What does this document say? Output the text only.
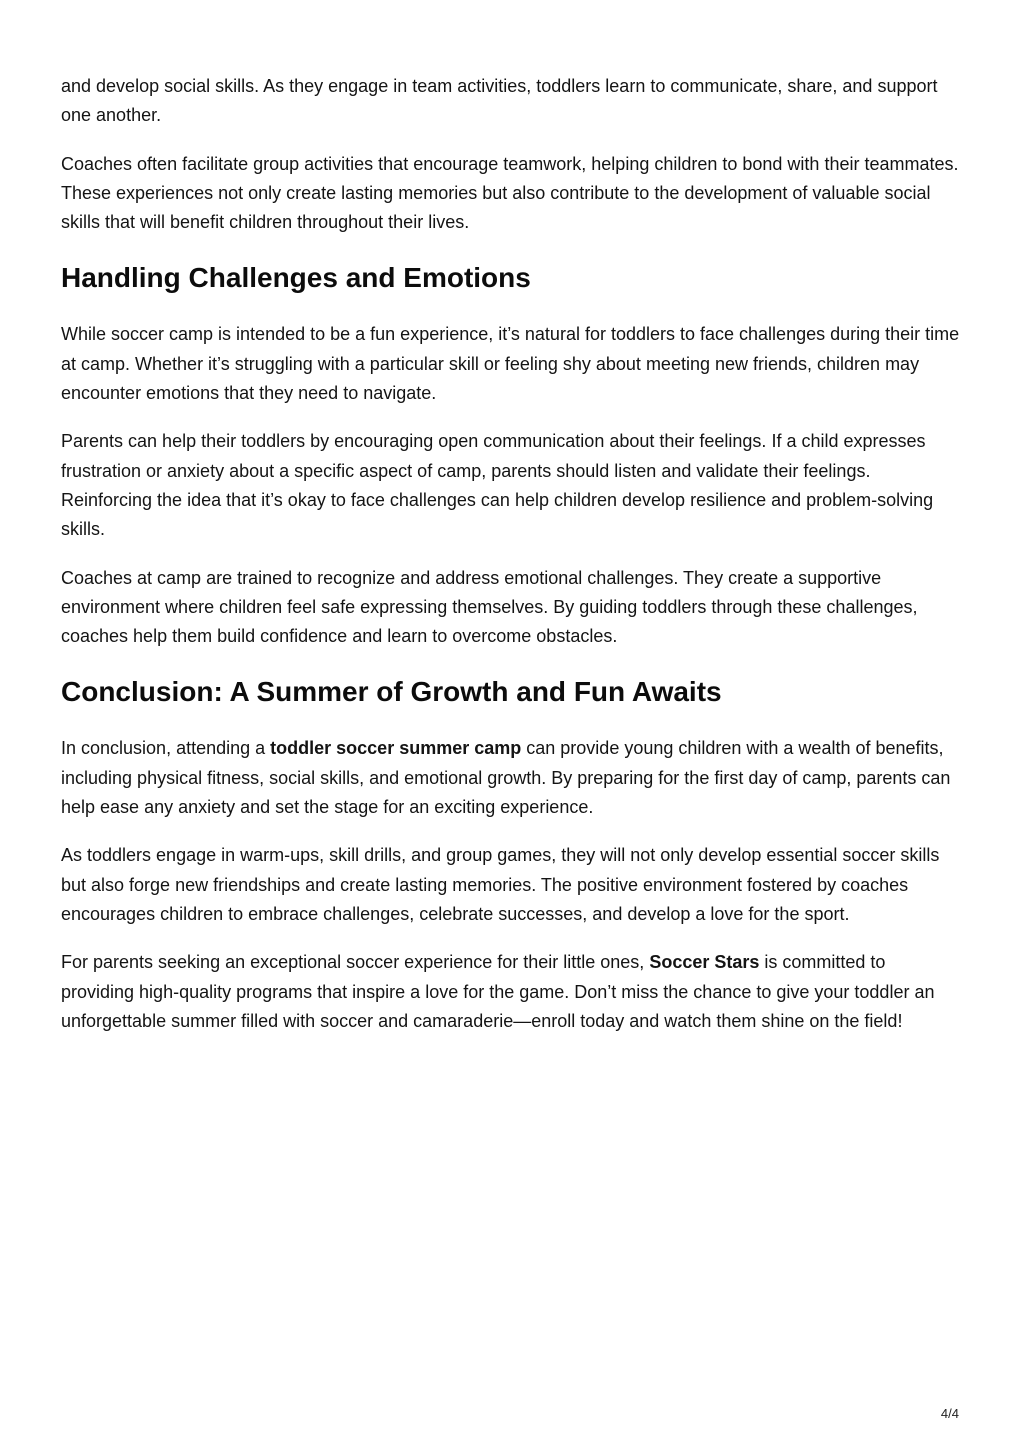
and develop social skills. As they engage in team activities, toddlers learn to communicate, share, and support one another.

Coaches often facilitate group activities that encourage teamwork, helping children to bond with their teammates. These experiences not only create lasting memories but also contribute to the development of valuable social skills that will benefit children throughout their lives.

Handling Challenges and Emotions

While soccer camp is intended to be a fun experience, it’s natural for toddlers to face challenges during their time at camp. Whether it’s struggling with a particular skill or feeling shy about meeting new friends, children may encounter emotions that they need to navigate.

Parents can help their toddlers by encouraging open communication about their feelings. If a child expresses frustration or anxiety about a specific aspect of camp, parents should listen and validate their feelings. Reinforcing the idea that it’s okay to face challenges can help children develop resilience and problem-solving skills.

Coaches at camp are trained to recognize and address emotional challenges. They create a supportive environment where children feel safe expressing themselves. By guiding toddlers through these challenges, coaches help them build confidence and learn to overcome obstacles.

Conclusion: A Summer of Growth and Fun Awaits

In conclusion, attending a toddler soccer summer camp can provide young children with a wealth of benefits, including physical fitness, social skills, and emotional growth. By preparing for the first day of camp, parents can help ease any anxiety and set the stage for an exciting experience.

As toddlers engage in warm-ups, skill drills, and group games, they will not only develop essential soccer skills but also forge new friendships and create lasting memories. The positive environment fostered by coaches encourages children to embrace challenges, celebrate successes, and develop a love for the sport.

For parents seeking an exceptional soccer experience for their little ones, Soccer Stars is committed to providing high-quality programs that inspire a love for the game. Don’t miss the chance to give your toddler an unforgettable summer filled with soccer and camaraderie—enroll today and watch them shine on the field!

4/4
